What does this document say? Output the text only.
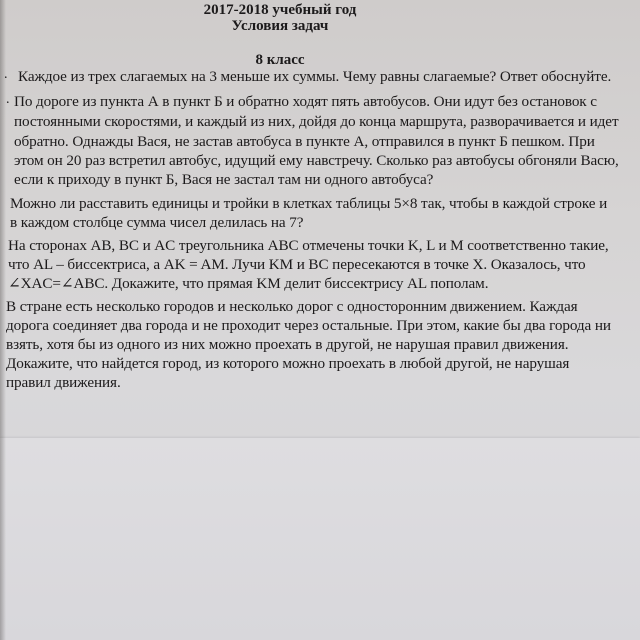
2017-2018 учебный год
Условия задач
8 класс
. Каждое из трех слагаемых на 3 меньше их суммы. Чему равны слагаемые? Ответ обоснуйте.
. По дороге из пункта А в пункт Б и обратно ходят пять автобусов. Они идут без остановок с
постоянными скоростями, и каждый из них, дойдя до конца маршрута, разворачивается и идет
обратно. Однажды Вася, не застав автобуса в пункте А, отправился в пункт Б пешком. При
этом он 20 раз встретил автобус, идущий ему навстречу. Сколько раз автобусы обгоняли Васю,
если к приходу в пункт Б, Вася не застал там ни одного автобуса?
Можно ли расставить единицы и тройки в клетках таблицы 5×8 так, чтобы в каждой строке и
в каждом столбце сумма чисел делилась на 7?
На сторонах AB, BC и AC треугольника ABC отмечены точки K, L и M соответственно такие,
что AL – биссектриса, а AK = AM. Лучи KM и BC пересекаются в точке X. Оказалось, что
∠XAC=∠ABC. Докажите, что прямая KM делит биссектрису AL пополам.
В стране есть несколько городов и несколько дорог с односторонним движением. Каждая
дорога соединяет два города и не проходит через остальные. При этом, какие бы два города ни
взять, хотя бы из одного из них можно проехать в другой, не нарушая правил движения.
Докажите, что найдется город, из которого можно проехать в любой другой, не нарушая
правил движения.
